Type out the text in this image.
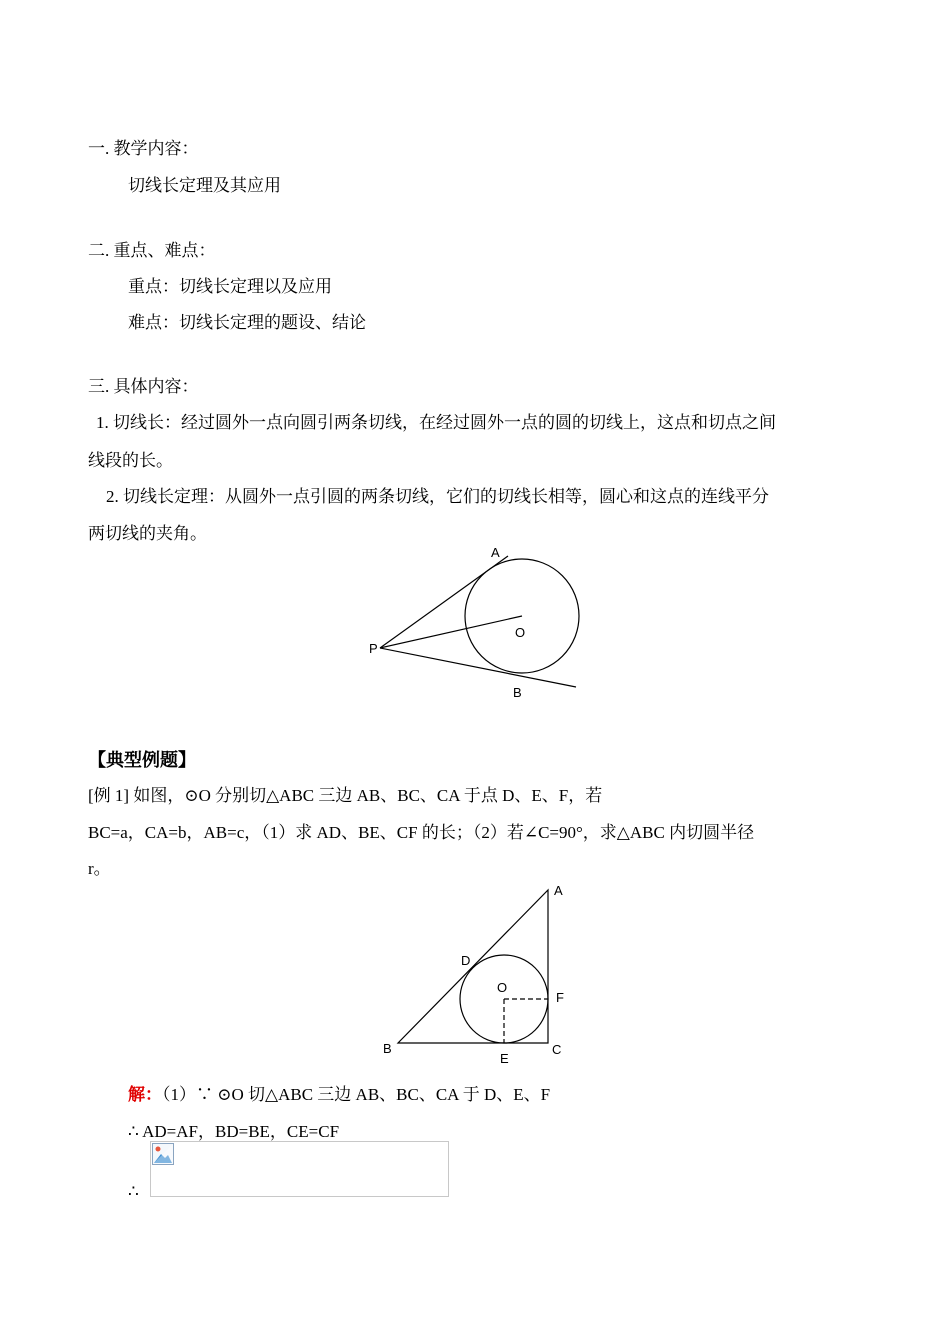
一. 教学内容：
切线长定理及其应用
二. 重点、难点：
重点：切线长定理以及应用
难点：切线长定理的题设、结论
三. 具体内容：
1. 切线长：经过圆外一点向圆引两条切线，在经过圆外一点的圆的切线上，这点和切点之间
线段的长。
2. 切线长定理：从圆外一点引圆的两条切线，它们的切线长相等，圆心和这点的连线平分
两切线的夹角。
A
O
P
B
【典型例题】
[例 1] 如图，⊙O 分别切△ABC 三边 AB、BC、CA 于点 D、E、F，若
BC=a，CA=b，AB=c，（1）求 AD、BE、CF 的长；（2）若∠C=90°，求△ABC 内切圆半径
r。
A
D
O
F
B
E
C
解：（1）∵ ⊙O 切△ABC 三边 AB、BC、CA 于 D、E、F
∴ AD=AF，BD=BE，CE=CF
∴
